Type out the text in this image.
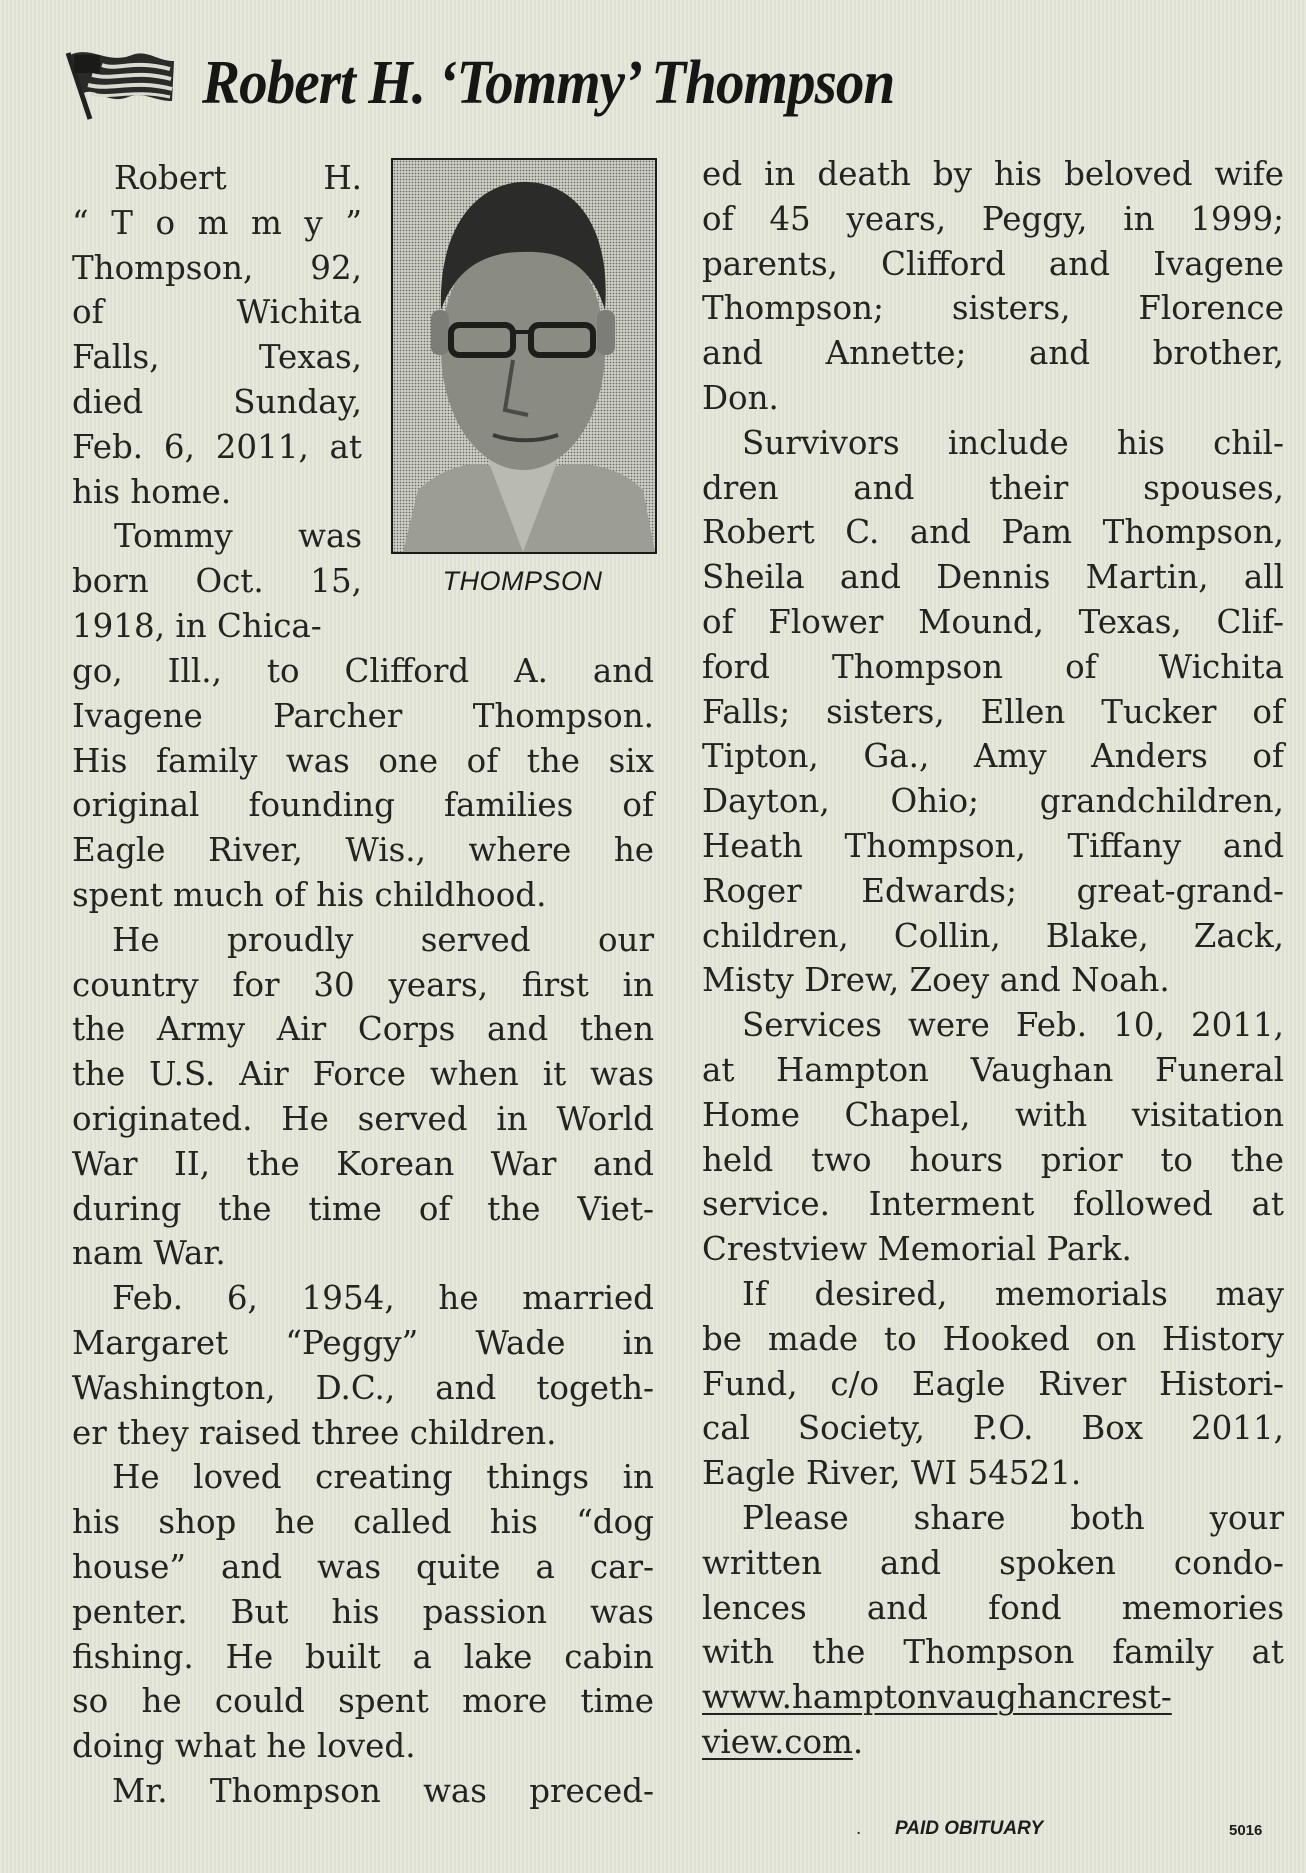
Robert H. ‘Tommy’ Thompson
THOMPSON
Robert H.
“ T o m m y ”
Thompson, 92,
of Wichita
Falls, Texas,
died Sunday,
Feb. 6, 2011, at
his home.
Tommy was
born Oct. 15,
1918, in Chica-
go, Ill., to Clifford A. and
Ivagene Parcher Thompson.
His family was one of the six
original founding families of
Eagle River, Wis., where he
spent much of his childhood.
He proudly served our
country for 30 years, first in
the Army Air Corps and then
the U.S. Air Force when it was
originated. He served in World
War II, the Korean War and
during the time of the Viet-
nam War.
Feb. 6, 1954, he married
Margaret “Peggy” Wade in
Washington, D.C., and togeth-
er they raised three children.
He loved creating things in
his shop he called his “dog
house” and was quite a car-
penter. But his passion was
fishing. He built a lake cabin
so he could spent more time
doing what he loved.
Mr. Thompson was preced-
ed in death by his beloved wife
of 45 years, Peggy, in 1999;
parents, Clifford and Ivagene
Thompson; sisters, Florence
and Annette; and brother,
Don.
Survivors include his chil-
dren and their spouses,
Robert C. and Pam Thompson,
Sheila and Dennis Martin, all
of Flower Mound, Texas, Clif-
ford Thompson of Wichita
Falls; sisters, Ellen Tucker of
Tipton, Ga., Amy Anders of
Dayton, Ohio; grandchildren,
Heath Thompson, Tiffany and
Roger Edwards; great-grand-
children, Collin, Blake, Zack,
Misty Drew, Zoey and Noah.
Services were Feb. 10, 2011,
at Hampton Vaughan Funeral
Home Chapel, with visitation
held two hours prior to the
service. Interment followed at
Crestview Memorial Park.
If desired, memorials may
be made to Hooked on History
Fund, c/o Eagle River Histori-
cal Society, P.O. Box 2011,
Eagle River, WI 54521.
Please share both your
written and spoken condo-
lences and fond memories
with the Thompson family at
www.hamptonvaughancrest-
view.com.
. PAID OBITUARY	5016
